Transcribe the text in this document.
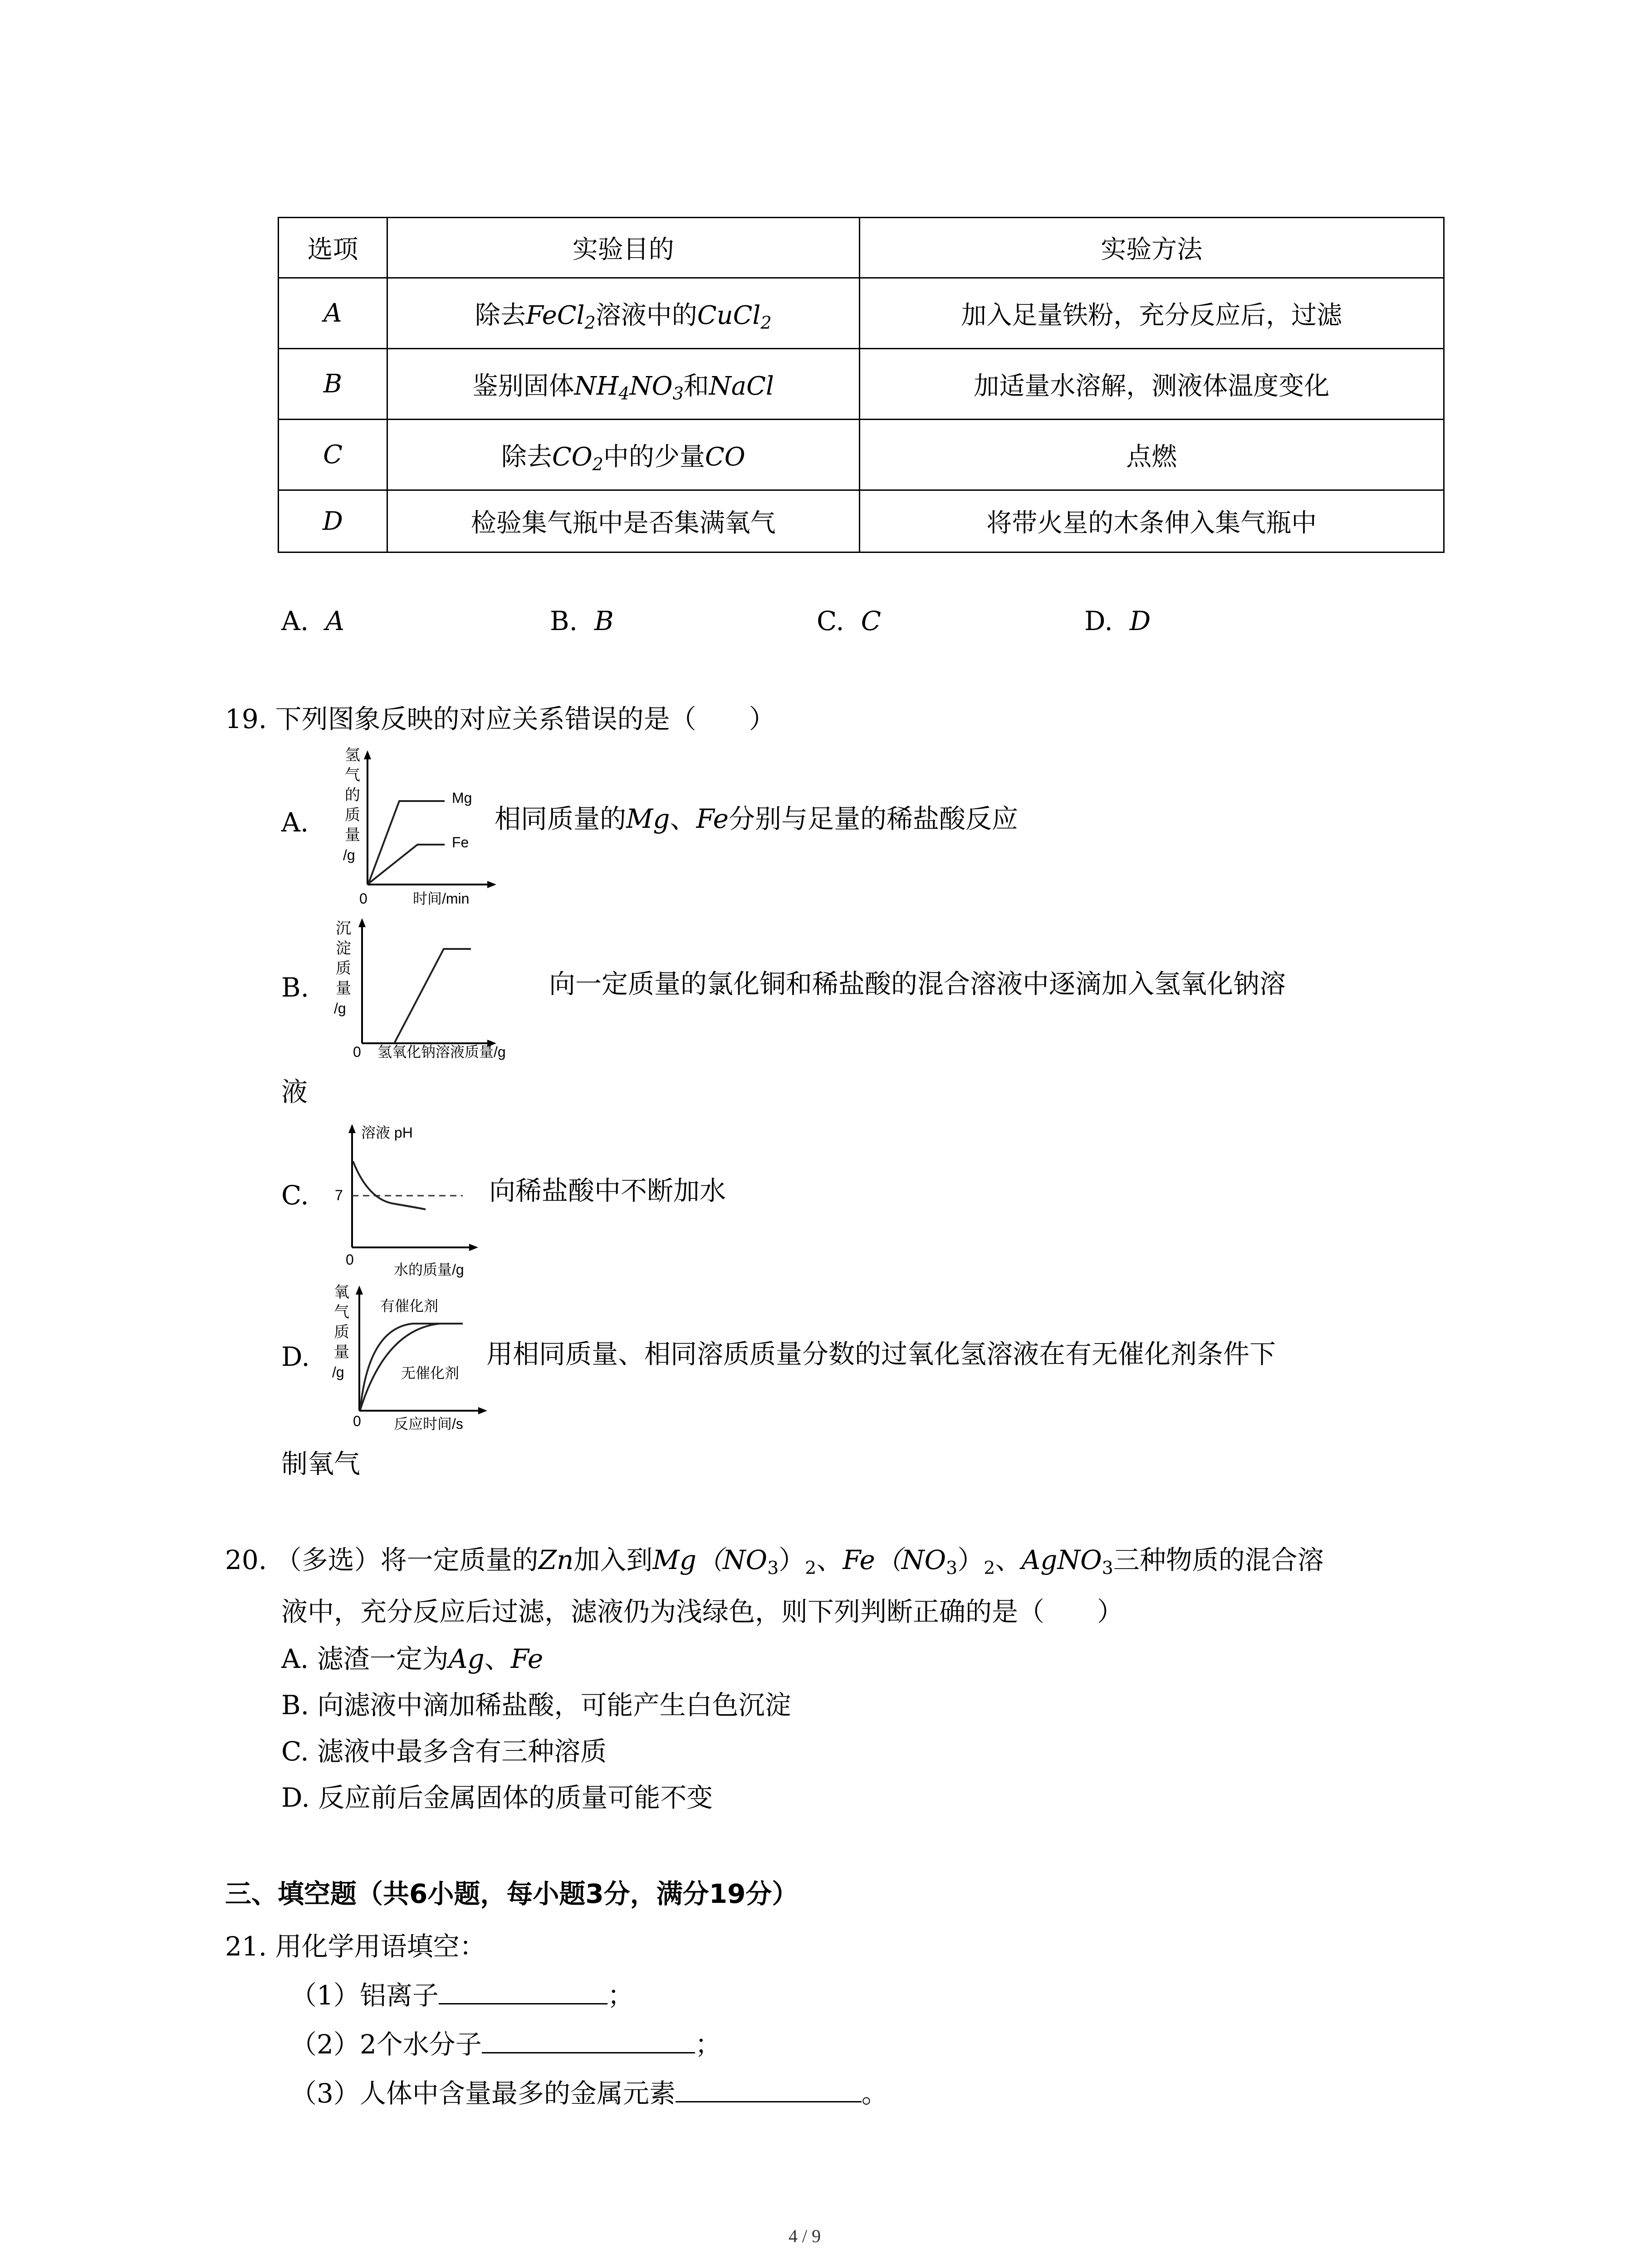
选项	实验目的	实验方法
A	除去FeCl$_2$溶液中的CuCl$_2$	加入足量铁粉，充分反应后，过滤
B	鉴别固体$NH_4NO_3$和NaCl	加适量水溶解，测液体温度变化
C	除去$CO_2$中的少量CO	点燃
D	检验集气瓶中是否集满氧气	将带火星的木条伸入集气瓶中
A. A	B. B	C. C	D. D
19. 下列图象反映的对应关系错误的是（　　）
A.
氢
气
的
质
量
/g
0	时间/min
Mg
Fe
相同质量的Mg、Fe分别与足量的稀盐酸反应
B.
沉
淀
质
量
/g
0 氢氧化钠溶液质量/g
向一定质量的氯化铜和稀盐酸的混合溶液中逐滴加入氢氧化钠溶
液
C.
溶液 pH
7
0
水的质量/g
向稀盐酸中不断加水
D.
氧
气
质
量
/g
有催化剂
无催化剂
0 反应时间/s
用相同质量、相同溶质质量分数的过氧化氢溶液在有无催化剂条件下
制氧气
20. （多选）将一定质量的Zn加入到$Mg(NO_3)_2$、$Fe(NO_3)_2$、AgNO$_3$三种物质的混合溶
液中，充分反应后过滤，滤液仍为浅绿色，则下列判断正确的是（　　）
A. 滤渣一定为Ag、Fe
B. 向滤液中滴加稀盐酸，可能产生白色沉淀
C. 滤液中最多含有三种溶质
D. 反应前后金属固体的质量可能不变
三、填空题（共6小题，每小题3分，满分19分）
21. 用化学用语填空：
（1）铝离子	；
（2）2个水分子	；
（3）人体中含量最多的金属元素	。
4 / 9
